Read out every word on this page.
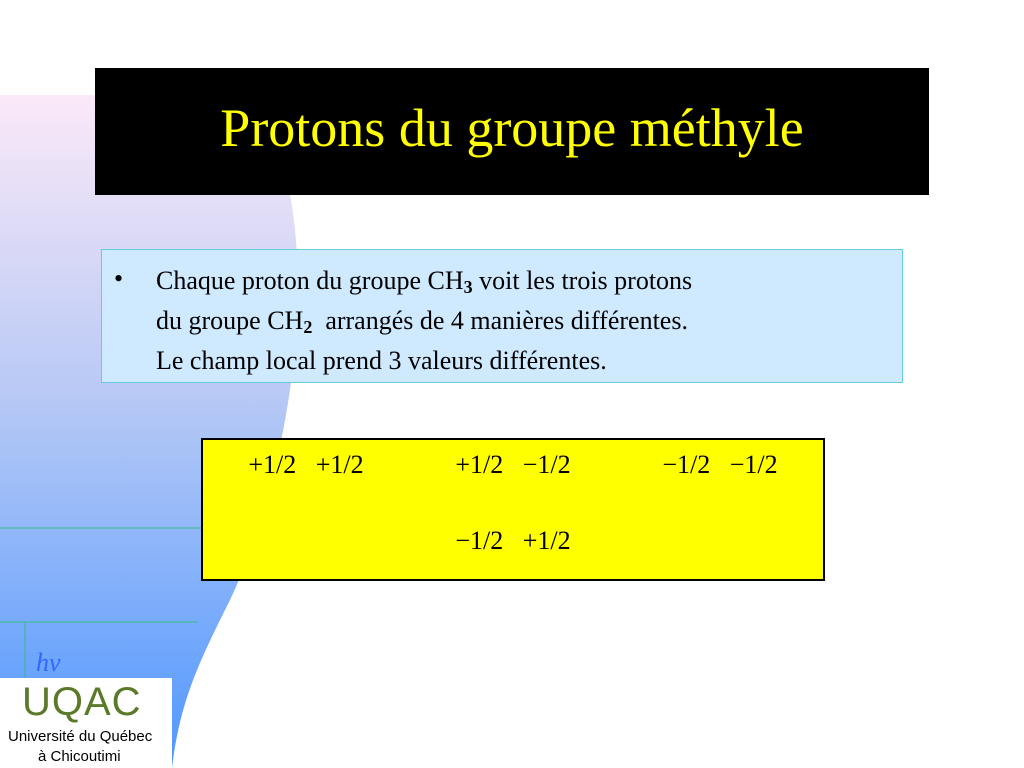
Protons du groupe méthyle
• Chaque proton du groupe $CH_3$ voit les trois protons
du groupe $CH_2$  arrangés de 4 manières différentes.
Le champ local prend 3 valeurs différentes.
+1/2   +1/2	+1/2   −1/2
−1/2   +1/2
−1/2   −1/2
hν
UQAC
Université du Québec
à Chicoutimi
